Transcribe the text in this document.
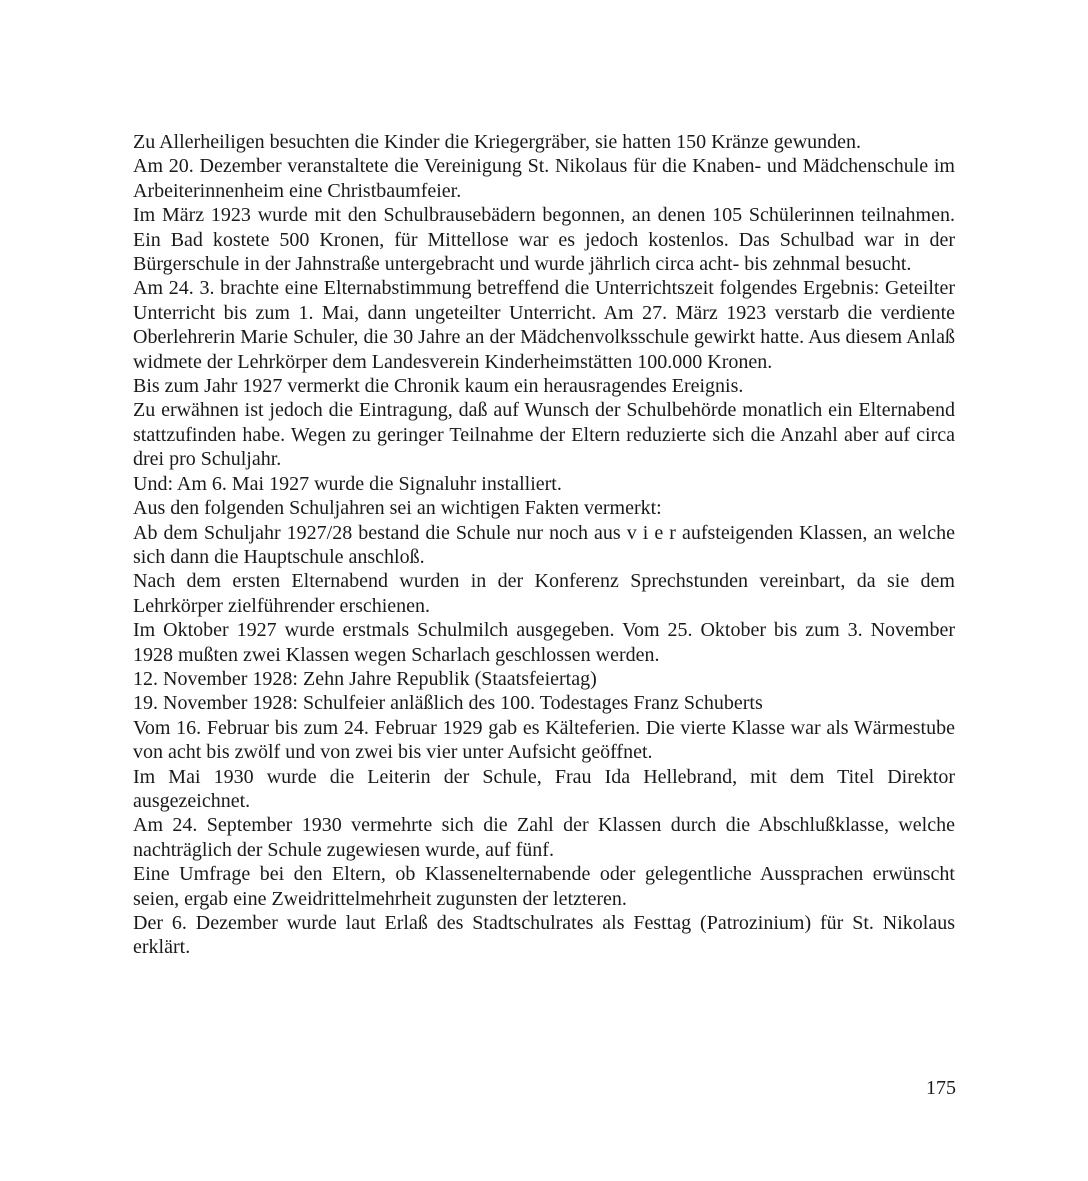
Zu Allerheiligen besuchten die Kinder die Kriegergräber, sie hatten 150 Kränze gewunden.

Am 20. Dezember veranstaltete die Vereinigung St. Nikolaus für die Knaben- und Mädchenschule im Arbeiterinnenheim eine Christbaumfeier.

Im März 1923 wurde mit den Schulbrausebädern begonnen, an denen 105 Schülerinnen teilnahmen. Ein Bad kostete 500 Kronen, für Mittellose war es jedoch kostenlos. Das Schulbad war in der Bürgerschule in der Jahnstraße untergebracht und wurde jährlich circa acht- bis zehnmal besucht.

Am 24. 3. brachte eine Elternabstimmung betreffend die Unterrichtszeit folgendes Ergebnis: Geteilter Unterricht bis zum 1. Mai, dann ungeteilter Unterricht. Am 27. März 1923 verstarb die verdiente Oberlehrerin Marie Schuler, die 30 Jahre an der Mädchenvolksschule gewirkt hatte. Aus diesem Anlaß widmete der Lehrkörper dem Landesverein Kinderheimstätten 100.000 Kronen.

Bis zum Jahr 1927 vermerkt die Chronik kaum ein herausragendes Ereignis.

Zu erwähnen ist jedoch die Eintragung, daß auf Wunsch der Schulbehörde monatlich ein Elternabend stattzufinden habe. Wegen zu geringer Teilnahme der Eltern reduzierte sich die Anzahl aber auf circa drei pro Schuljahr.

Und: Am 6. Mai 1927 wurde die Signaluhr installiert.

Aus den folgenden Schuljahren sei an wichtigen Fakten vermerkt:

Ab dem Schuljahr 1927/28 bestand die Schule nur noch aus v i e r aufsteigenden Klassen, an welche sich dann die Hauptschule anschloß.

Nach dem ersten Elternabend wurden in der Konferenz Sprechstunden vereinbart, da sie dem Lehrkörper zielführender erschienen.

Im Oktober 1927 wurde erstmals Schulmilch ausgegeben. Vom 25. Oktober bis zum 3. November 1928 mußten zwei Klassen wegen Scharlach geschlossen werden.

12. November 1928: Zehn Jahre Republik (Staatsfeiertag)

19. November 1928: Schulfeier anläßlich des 100. Todestages Franz Schuberts

Vom 16. Februar bis zum 24. Februar 1929 gab es Kälteferien. Die vierte Klasse war als Wärmestube von acht bis zwölf und von zwei bis vier unter Aufsicht geöffnet.

Im Mai 1930 wurde die Leiterin der Schule, Frau Ida Hellebrand, mit dem Titel Direktor ausgezeichnet.

Am 24. September 1930 vermehrte sich die Zahl der Klassen durch die Abschlußklasse, welche nachträglich der Schule zugewiesen wurde, auf fünf.

Eine Umfrage bei den Eltern, ob Klassenelternabende oder gelegentliche Aussprachen erwünscht seien, ergab eine Zweidrittelmehrheit zugunsten der letzteren.

Der 6. Dezember wurde laut Erlaß des Stadtschulrates als Festtag (Patrozinium) für St. Nikolaus erklärt.

175
